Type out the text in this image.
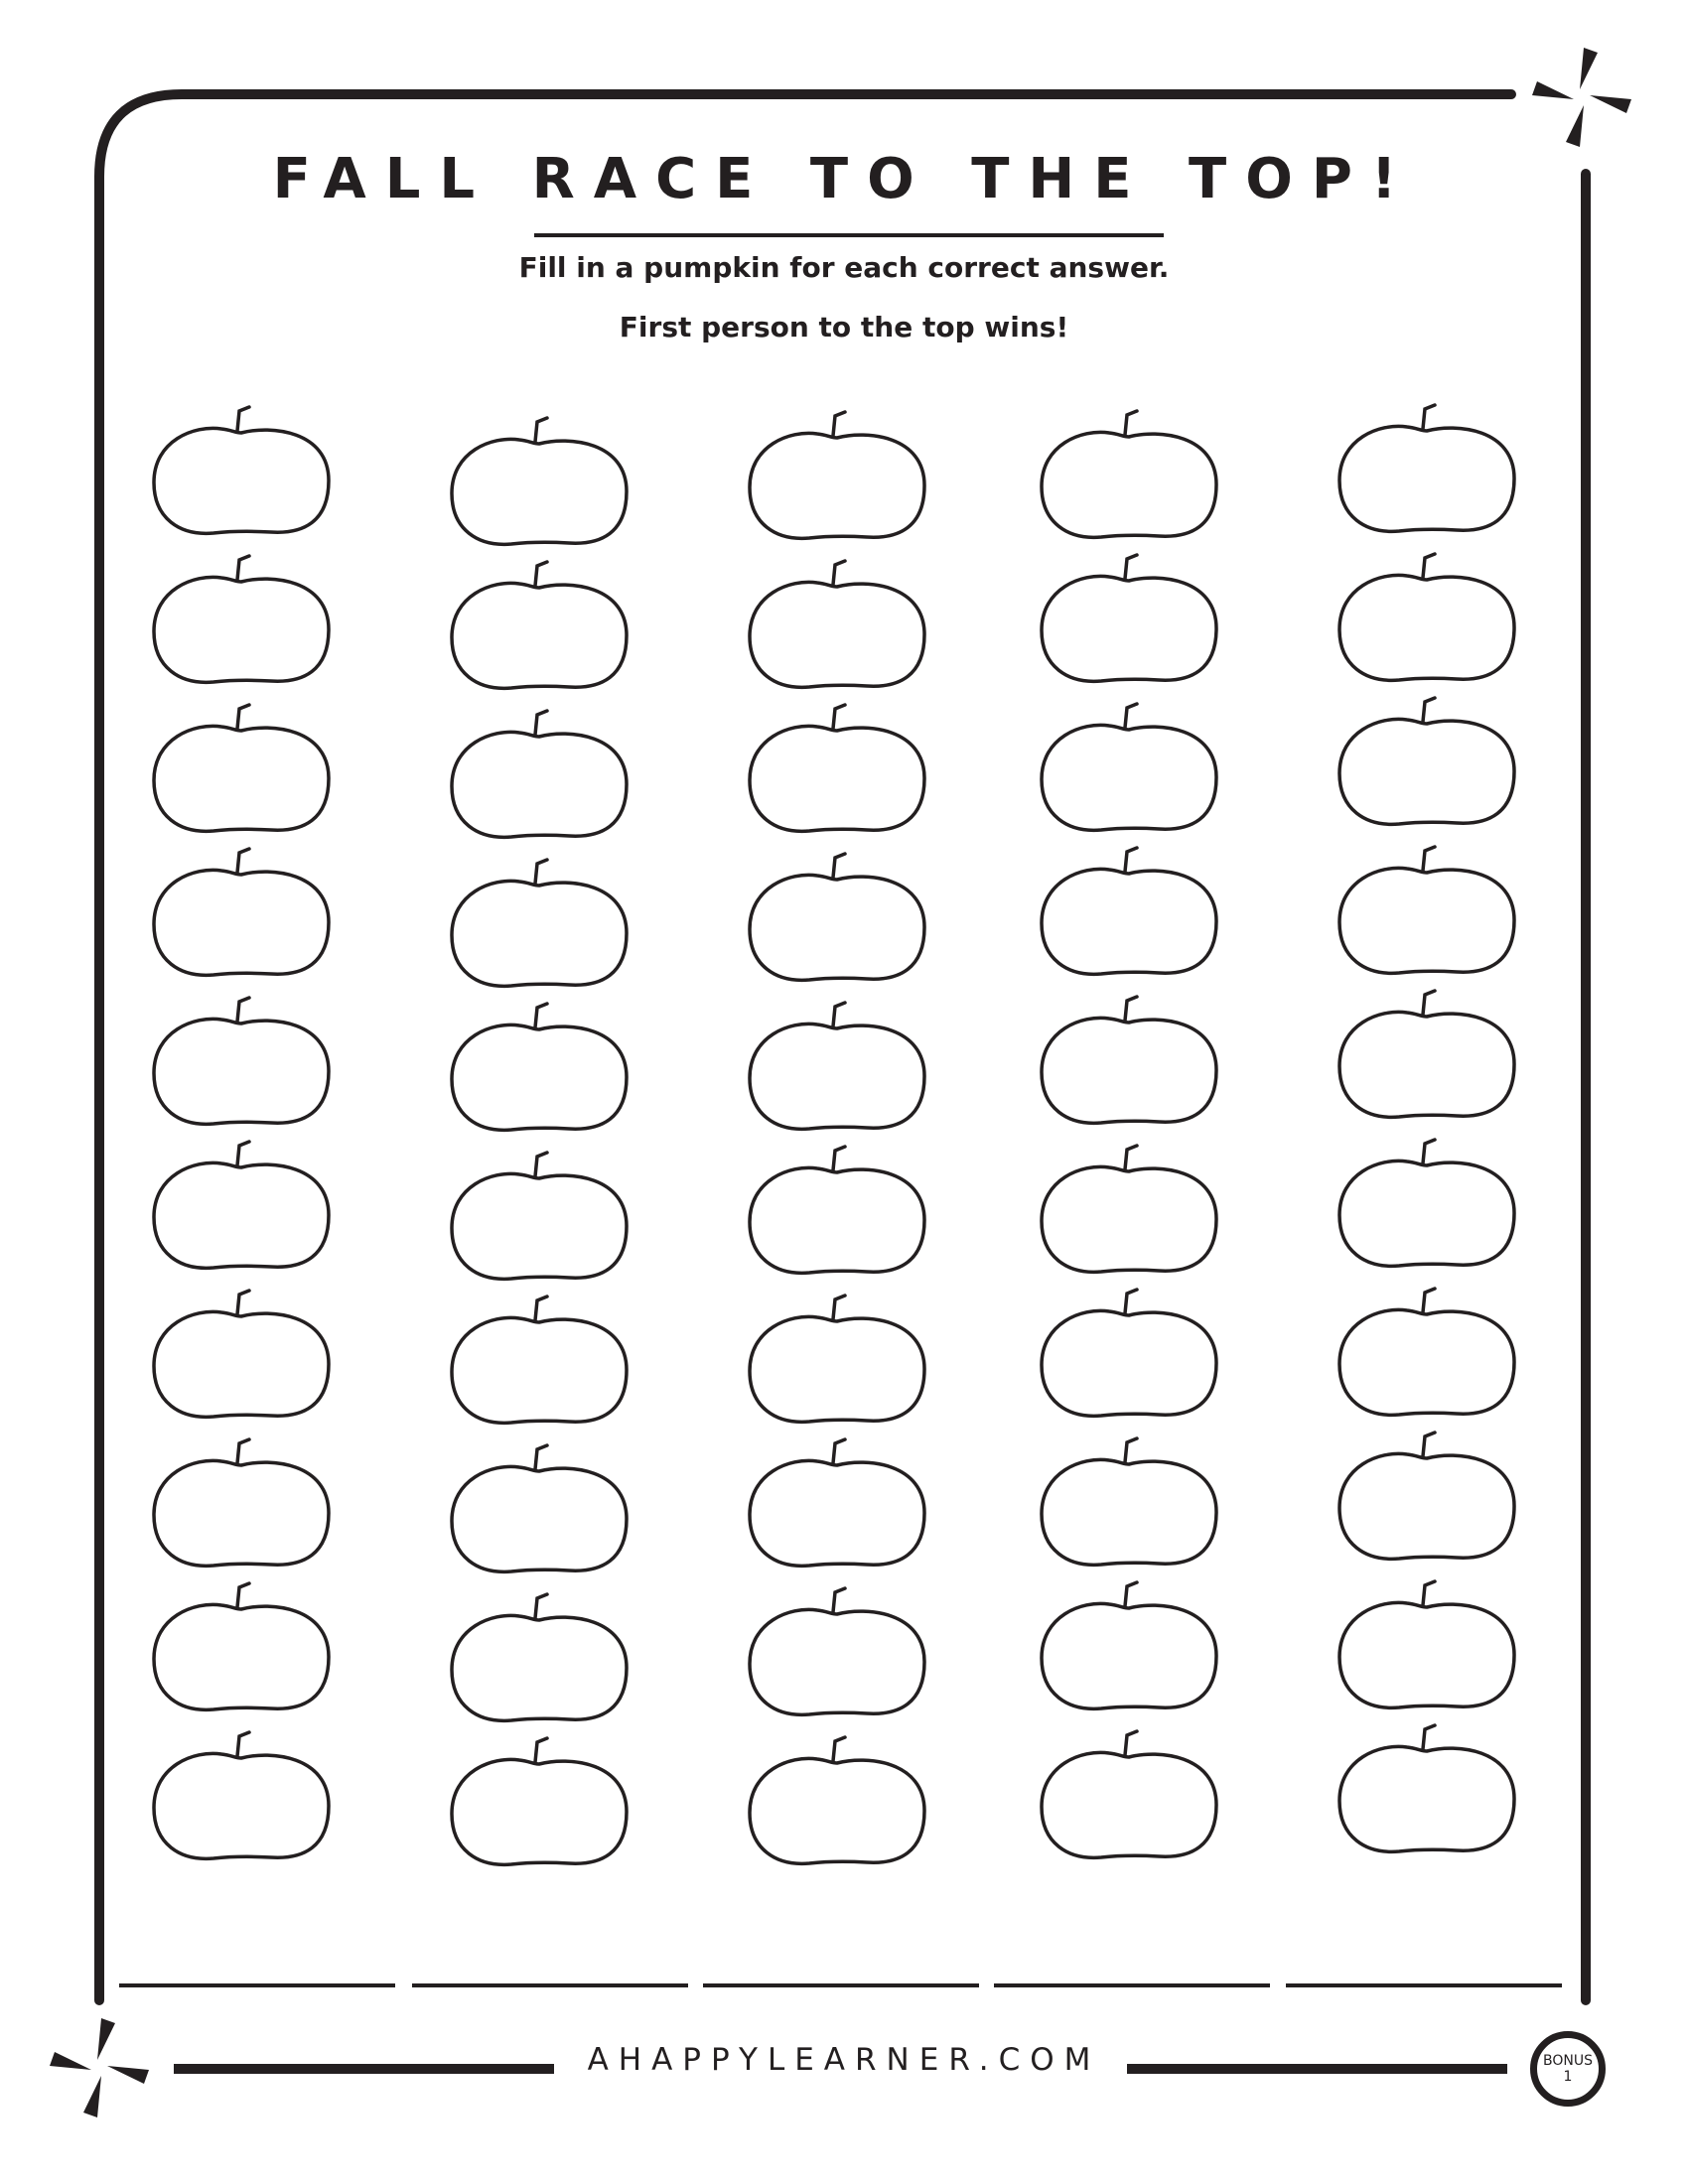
FALL RACE TO THE TOP!

Fill in a pumpkin for each correct answer.

First person to the top wins!

AHAPPYLEARNER.COM	BONUS
1
